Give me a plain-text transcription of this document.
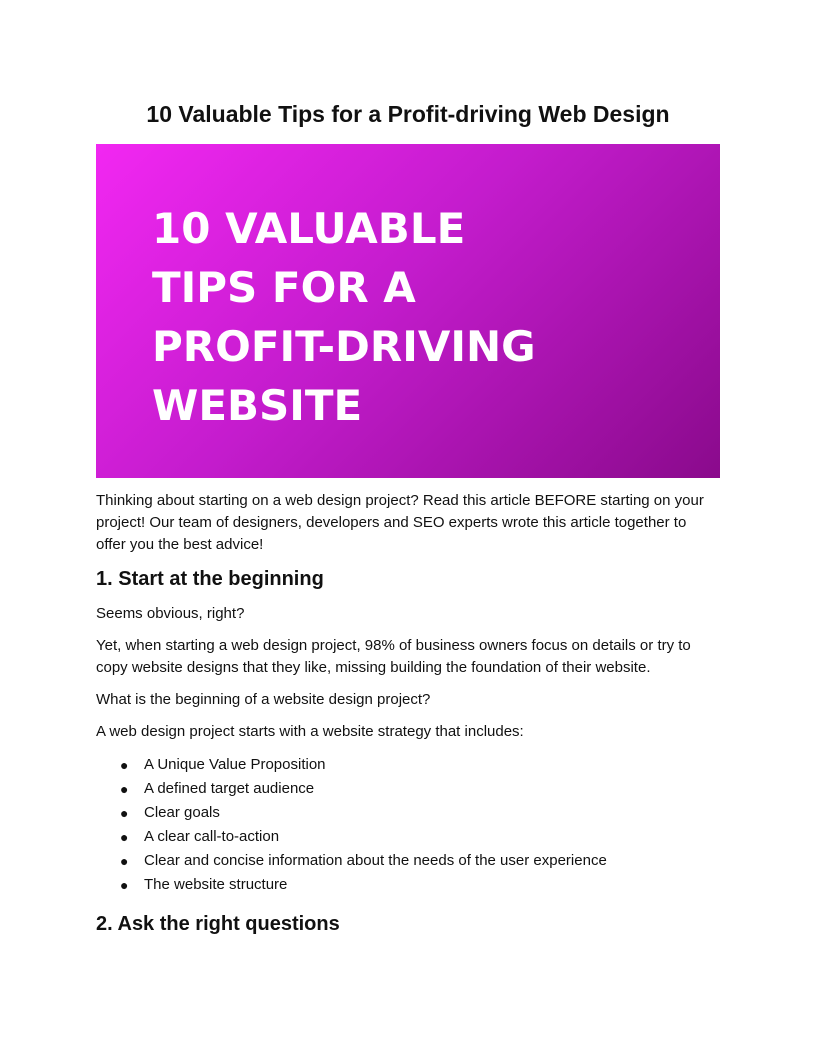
10 Valuable Tips for a Profit-driving Web Design

10 VALUABLE
TIPS FOR A
PROFIT-DRIVING
WEBSITE

Thinking about starting on a web design project? Read this article BEFORE starting on your project! Our team of designers, developers and SEO experts wrote this article together to offer you the best advice!

1. Start at the beginning

Seems obvious, right?

Yet, when starting a web design project, 98% of business owners focus on details or try to copy website designs that they like, missing building the foundation of their website.

What is the beginning of a website design project?

A web design project starts with a website strategy that includes:

● A Unique Value Proposition
● A defined target audience
● Clear goals
● A clear call-to-action
● Clear and concise information about the needs of the user experience
● The website structure
2. Ask the right questions
